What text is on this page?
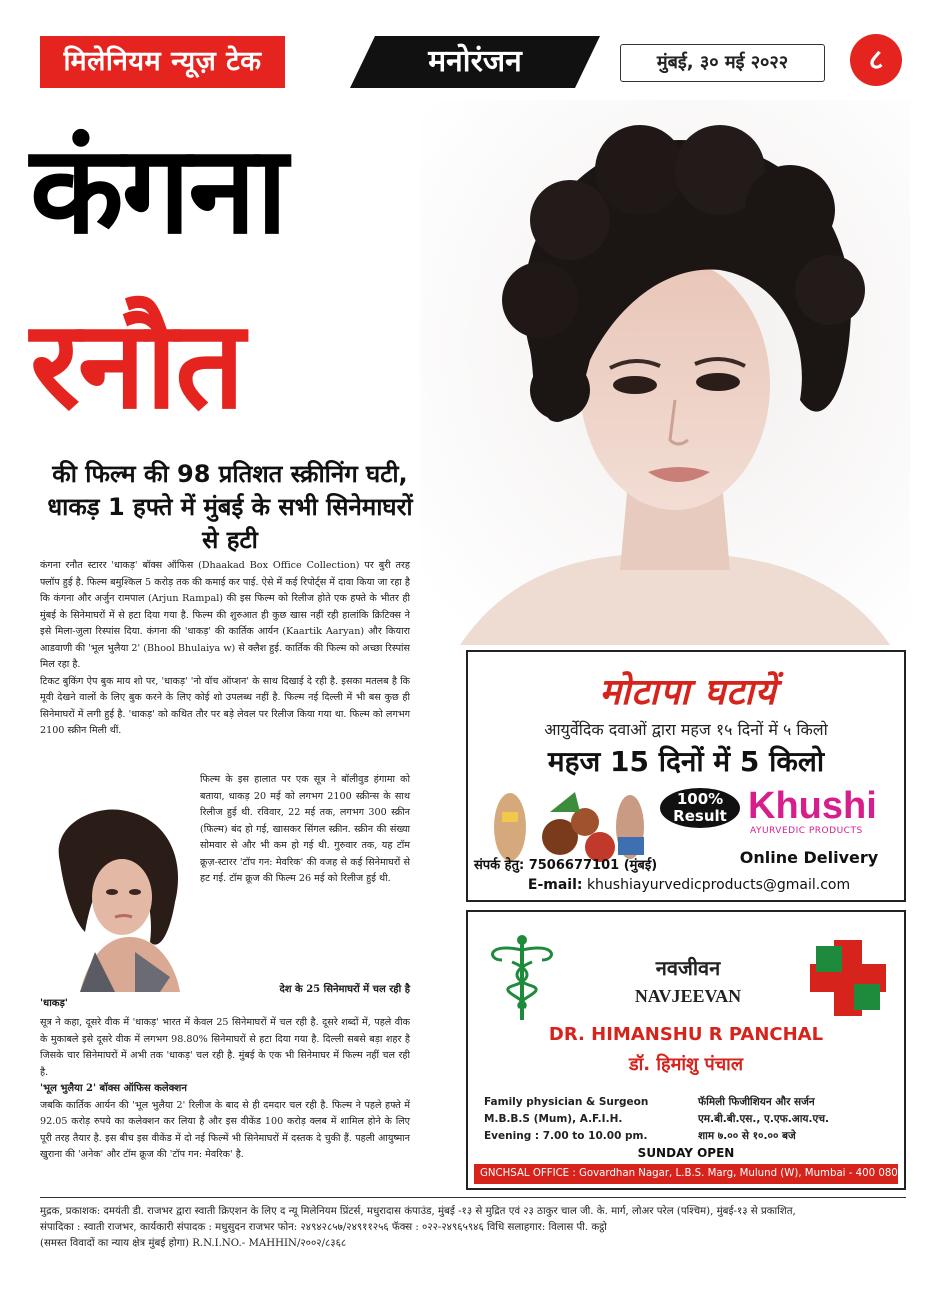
मिलेनियम न्यूज़ टेक	मनोरंजन	मुंबई, ३० मई २०२२	८
कंगना
रनौत
की फिल्म की 98 प्रतिशत स्क्रीनिंग घटी, धाकड़ 1 हफ्ते में मुंबई के सभी सिनेमाघरों से हटी

कंगना रनौत स्टारर 'धाकड़' बॉक्स ऑफिस (Dhaakad Box Office Collection) पर बुरी तरह फ्लॉप हुई है. फिल्म बमुश्किल 5 करोड़ तक की कमाई कर पाई. ऐसे में कई रिपोर्ट्स में दावा किया जा रहा है कि कंगना और अर्जुन रामपाल (Arjun Rampal) की इस फिल्म को रिलीज होते एक हफ्ते के भीतर ही मुंबई के सिनेमाघरों में से हटा दिया गया है. फिल्म की शुरुआत ही कुछ खास नहीं रही हालांकि क्रिटिक्स ने इसे मिला-जुला रिस्पांस दिया. कंगना की 'धाकड़' की कार्तिक आर्यन (Kaartik Aaryan) और कियारा आडवाणी की 'भूल भुलैया 2' (Bhool Bhulaiya w) से क्लैश हुई. कार्तिक की फिल्म को अच्छा रिस्पांस मिल रहा है.

टिकट बुकिंग ऐप बुक माय शो पर, 'धाकड़' 'नो वॉच ऑप्शन' के साथ दिखाई दे रही है. इसका मतलब है कि मूवी देखने वालों के लिए बुक करने के लिए कोई शो उपलब्ध नहीं है. फिल्म नई दिल्ली में भी बस कुछ ही सिनेमाघरों में लगी हुई है. 'धाकड़' को कथित तौर पर बड़े लेवल पर रिलीज किया गया था. फिल्म को लगभग 2100 स्क्रीन मिली थीं.

फिल्म के इस हालात पर एक सूत्र ने बॉलीवुड हंगामा को बताया, धाकड़ 20 मई को लगभग 2100 स्क्रीन्स के साथ रिलीज हुई थी. रविवार, 22 मई तक, लगभग 300 स्क्रीन (फिल्म) बंद हो गई, खासकर सिंगल स्क्रीन. स्क्रीन की संख्या सोमवार से और भी कम हो गई थी. गुरुवार तक, यह टॉम क्रूज़-स्टारर 'टॉप गन: मेवरिक' की वजह से कई सिनेमाघरों से हट गई. टॉम क्रूज की फिल्म 26 मई को रिलीज हुई थी.

देश के 25 सिनेमाघरों में चल रही है
'धाकड़'

सूत्र ने कहा, दूसरे वीक में 'धाकड़' भारत में केवल 25 सिनेमाघरों में चल रही है. दूसरे शब्दों में, पहले वीक के मुकाबले इसे दूसरे वीक में लगभग 98.80% सिनेमाघरों से हटा दिया गया है. दिल्ली सबसे बड़ा शहर है जिसके चार सिनेमाघरों में अभी तक 'धाकड़' चल रही है. मुंबई के एक भी सिनेमाघर में फिल्म नहीं चल रही है.

'भूल भुलैया 2' बॉक्स ऑफिस कलेक्शन

जबकि कार्तिक आर्यन की 'भूल भुलैया 2' रिलीज के बाद से ही दमदार चल रही है. फिल्म ने पहले हफ्ते में 92.05 करोड़ रुपये का कलेक्शन कर लिया है और इस वीकेंड 100 करोड़ क्लब में शामिल होने के लिए पूरी तरह तैयार है. इस बीच इस वीकेंड में दो नई फिल्में भी सिनेमाघरों में दस्तक दे चुकी हैं. पहली आयुष्मान खुराना की 'अनेक' और टॉम क्रूज की 'टॉप गन: मेवरिक' है.

मोटापा घटायें
आयुर्वेदिक दवाओं द्वारा महज १५ दिनों में ५ किलो
महज 15 दिनों में 5 किलो
100%
Result Khushi
AYURVEDIC PRODUCTS
Online Delivery
संपर्क हेतु: 7506677101 (मुंबई)
E-mail: khushiayurvedicproducts@gmail.com
नवजीवन
NAVJEEVAN
DR. HIMANSHU R PANCHAL
डॉ. हिमांशु पंचाल
Family physician & Surgeon
M.B.B.S (Mum), A.F.I.H.
Evening : 7.00 to 10.00 pm.
फॅमिली फिजीशियन और सर्जन
एम.बी.बी.एस., ए.एफ.आय.एच.
शाम ७.०० से १०.०० बजे
SUNDAY OPEN
GNCHSAL OFFICE : Govardhan Nagar, L.B.S. Marg, Mulund (W), Mumbai - 400 080
मुद्रक, प्रकाशक: दमयंती डी. राजभर द्वारा स्वाती क्रिएशन के लिए द न्यू मिलेनियम प्रिंटर्स, मधुरादास कंपाउंड, मुंबई -१३ से मुद्रित एवं २३ ठाकुर चाल जी. के. मार्ग, लोअर परेल (पश्चिम), मुंबई-१३ से प्रकाशित,
संपादिका : स्वाती राजभर, कार्यकारी संपादक : मधुसुदन राजभर फोन: २४९४२८५७/२४९११२५६ फॅक्स : ०२२-२४९६५९४६ विधि सलाहगार: विलास पी. कट्ठो
(समस्त विवादों का न्याय क्षेत्र मुंबई होगा) R.N.I.NO.- MAHHIN/२००२/८३६८
